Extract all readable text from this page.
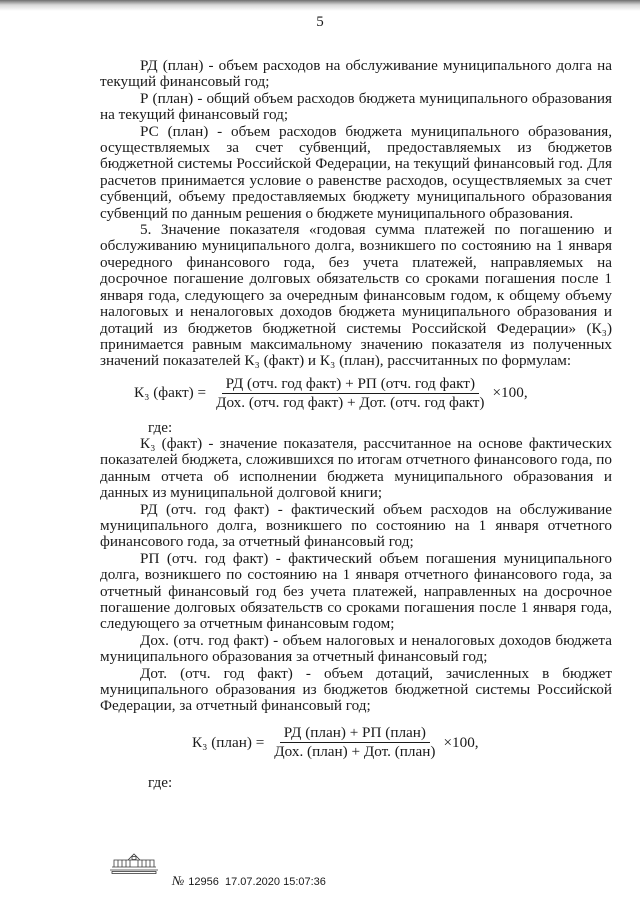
5

РД (план) - объем расходов на обслуживание муниципального долга на текущий финансовый год;

Р (план) - общий объем расходов бюджета муниципального образования на текущий финансовый год;

РС (план) - объем расходов бюджета муниципального образования, осуществляемых за счет субвенций, предоставляемых из бюджетов бюджетной системы Российской Федерации, на текущий финансовый год. Для расчетов принимается условие о равенстве расходов, осуществляемых за счет субвенций, объему предоставляемых бюджету муниципального образования субвенций по данным решения о бюджете муниципального образования.

5. Значение показателя «годовая сумма платежей по погашению и обслуживанию муниципального долга, возникшего по состоянию на 1 января очередного финансового года, без учета платежей, направляемых на досрочное погашение долговых обязательств со сроками погашения после 1 января года, следующего за очередным финансовым годом, к общему объему налоговых и неналоговых доходов бюджета муниципального образования и дотаций из бюджетов бюджетной системы Российской Федерации» (К₃) принимается равным максимальному значению показателя из полученных значений показателей К₃ (факт) и К₃ (план), рассчитанных по формулам:

К₃ (факт) = $\frac{\text{РД (отч. год факт) + РП (отч. год факт)}}{\text{Дох. (отч. год факт) + Дот. (отч. год факт)}} \times 100$,

где:

К₃ (факт) - значение показателя, рассчитанное на основе фактических показателей бюджета, сложившихся по итогам отчетного финансового года, по данным отчета об исполнении бюджета муниципального образования и данных из муниципальной долговой книги;

РД (отч. год факт) - фактический объем расходов на обслуживание муниципального долга, возникшего по состоянию на 1 января отчетного финансового года, за отчетный финансовый год;

РП (отч. год факт) - фактический объем погашения муниципального долга, возникшего по состоянию на 1 января отчетного финансового года, за отчетный финансовый год без учета платежей, направленных на досрочное погашение долговых обязательств со сроками погашения после 1 января года, следующего за отчетным финансовым годом;

Дох. (отч. год факт) - объем налоговых и неналоговых доходов бюджета муниципального образования за отчетный финансовый год;

Дот. (отч. год факт) - объем дотаций, зачисленных в бюджет муниципального образования из бюджетов бюджетной системы Российской Федерации, за отчетный финансовый год;

К₃ (план) = $\frac{\text{РД (план) + РП (план)}}{\text{Дох. (план) + Дот. (план)}} \times 100$,

где:

№ 12956 17.07.2020 15:07:36
